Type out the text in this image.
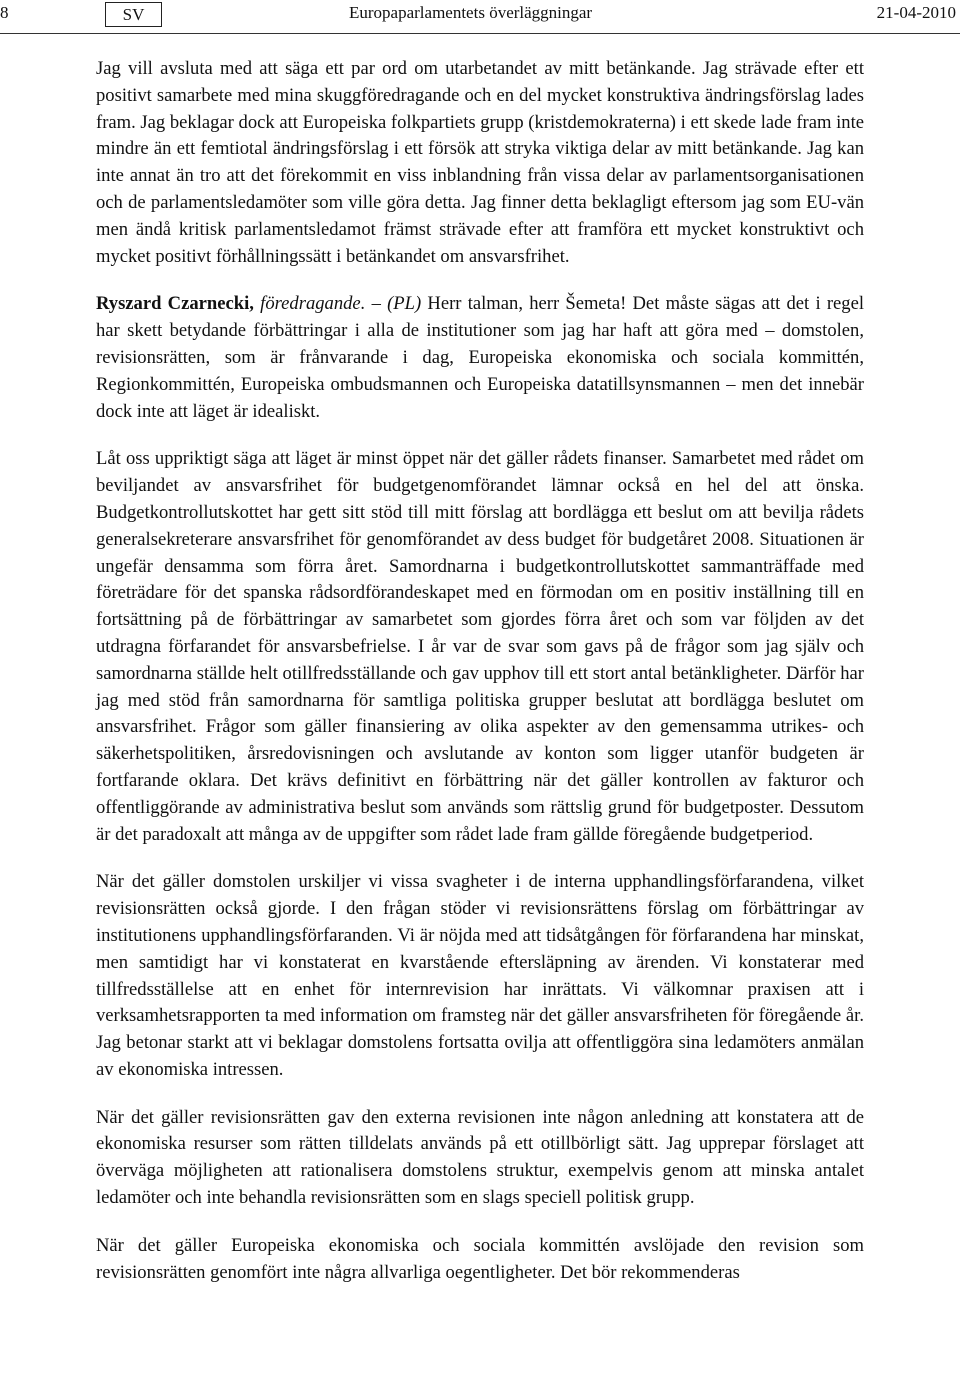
8	SV	Europaparlamentets överläggningar	21-04-2010

Jag vill avsluta med att säga ett par ord om utarbetandet av mitt betänkande. Jag strävade efter ett positivt samarbete med mina skuggföredragande och en del mycket konstruktiva ändringsförslag lades fram. Jag beklagar dock att Europeiska folkpartiets grupp (kristdemokraterna) i ett skede lade fram inte mindre än ett femtiotal ändringsförslag i ett försök att stryka viktiga delar av mitt betänkande. Jag kan inte annat än tro att det förekommit en viss inblandning från vissa delar av parlamentsorganisationen och de parlamentsledamöter som ville göra detta. Jag finner detta beklagligt eftersom jag som EU-vän men ändå kritisk parlamentsledamot främst strävade efter att framföra ett mycket konstruktivt och mycket positivt förhållningssätt i betänkandet om ansvarsfrihet.

Ryszard Czarnecki, föredragande. – (PL) Herr talman, herr Šemeta! Det måste sägas att det i regel har skett betydande förbättringar i alla de institutioner som jag har haft att göra med – domstolen, revisionsrätten, som är frånvarande i dag, Europeiska ekonomiska och sociala kommittén, Regionkommittén, Europeiska ombudsmannen och Europeiska datatillsynsmannen – men det innebär dock inte att läget är idealiskt.

Låt oss uppriktigt säga att läget är minst öppet när det gäller rådets finanser. Samarbetet med rådet om beviljandet av ansvarsfrihet för budgetgenomförandet lämnar också en hel del att önska. Budgetkontrollutskottet har gett sitt stöd till mitt förslag att bordlägga ett beslut om att bevilja rådets generalsekreterare ansvarsfrihet för genomförandet av dess budget för budgetåret 2008. Situationen är ungefär densamma som förra året. Samordnarna i budgetkontrollutskottet sammanträffade med företrädare för det spanska rådsordförandeskapet med en förmodan om en positiv inställning till en fortsättning på de förbättringar av samarbetet som gjordes förra året och som var följden av det utdragna förfarandet för ansvarsbefrielse. I år var de svar som gavs på de frågor som jag själv och samordnarna ställde helt otillfredsställande och gav upphov till ett stort antal betänkligheter. Därför har jag med stöd från samordnarna för samtliga politiska grupper beslutat att bordlägga beslutet om ansvarsfrihet. Frågor som gäller finansiering av olika aspekter av den gemensamma utrikes- och säkerhetspolitiken, årsredovisningen och avslutande av konton som ligger utanför budgeten är fortfarande oklara. Det krävs definitivt en förbättring när det gäller kontrollen av fakturor och offentliggörande av administrativa beslut som används som rättslig grund för budgetposter. Dessutom är det paradoxalt att många av de uppgifter som rådet lade fram gällde föregående budgetperiod.

När det gäller domstolen urskiljer vi vissa svagheter i de interna upphandlingsförfarandena, vilket revisionsrätten också gjorde. I den frågan stöder vi revisionsrättens förslag om förbättringar av institutionens upphandlingsförfaranden. Vi är nöjda med att tidsåtgången för förfarandena har minskat, men samtidigt har vi konstaterat en kvarstående eftersläpning av ärenden. Vi konstaterar med tillfredsställelse att en enhet för internrevision har inrättats. Vi välkomnar praxisen att i verksamhetsrapporten ta med information om framsteg när det gäller ansvarsfriheten för föregående år. Jag betonar starkt att vi beklagar domstolens fortsatta ovilja att offentliggöra sina ledamöters anmälan av ekonomiska intressen.

När det gäller revisionsrätten gav den externa revisionen inte någon anledning att konstatera att de ekonomiska resurser som rätten tilldelats används på ett otillbörligt sätt. Jag upprepar förslaget att överväga möjligheten att rationalisera domstolens struktur, exempelvis genom att minska antalet ledamöter och inte behandla revisionsrätten som en slags speciell politisk grupp.

När det gäller Europeiska ekonomiska och sociala kommittén avslöjade den revision som revisionsrätten genomfört inte några allvarliga oegentligheter. Det bör rekommenderas
